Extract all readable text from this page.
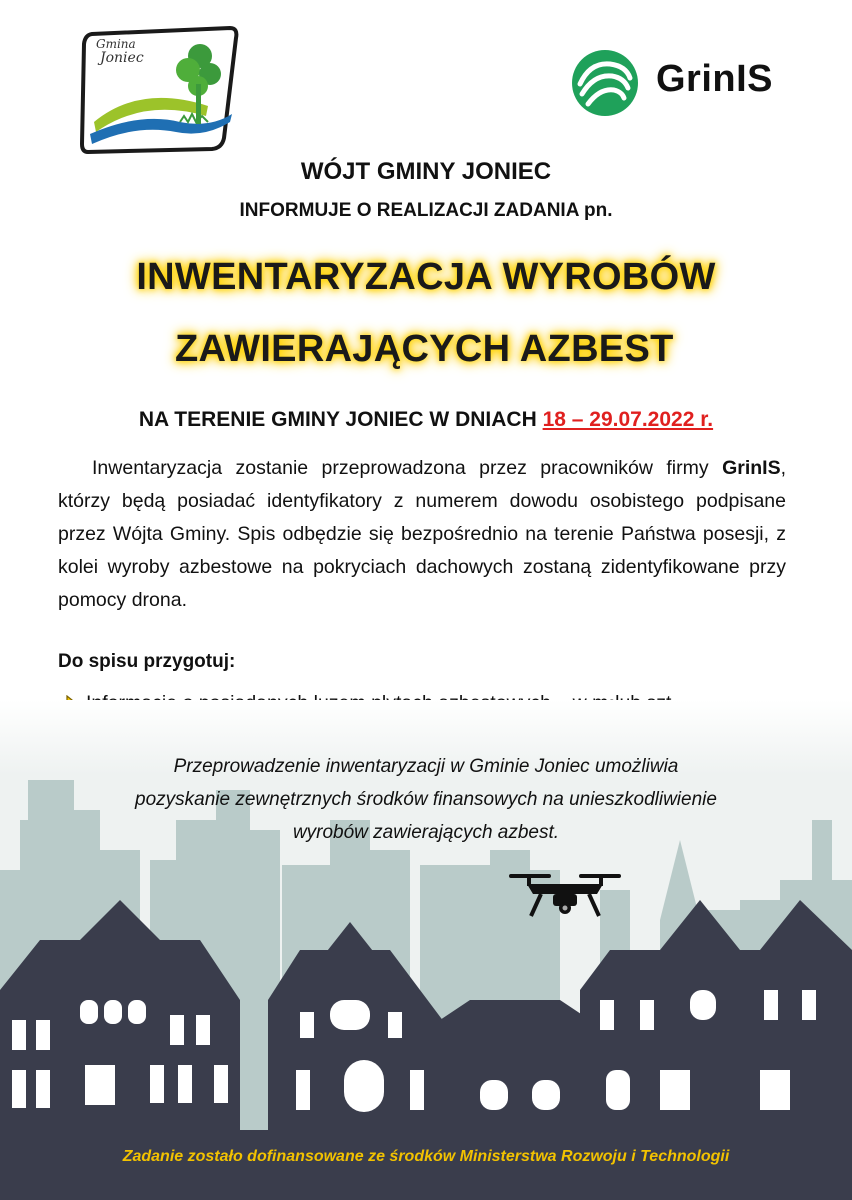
Gmina
Joniec	GrinIS
WÓJT GMINY JONIEC
INFORMUJE O REALIZACJI ZADANIA pn.
INWENTARYZACJA WYROBÓW
ZAWIERAJĄCYCH AZBEST
NA TERENIE GMINY JONIEC W DNIACH 18 – 29.07.2022 r.
Inwentaryzacja zostanie przeprowadzona przez pracowników firmy GrinIS, którzy będą posiadać identyfikatory z numerem dowodu osobistego podpisane przez Wójta Gminy. Spis odbędzie się bezpośrednio na terenie Państwa posesji, z kolei wyroby azbestowe na pokryciach dachowych zostaną zidentyfikowane przy pomocy drona.
Do spisu przygotuj:
Przeprowadzenie inwentaryzacji w Gminie Joniec umożliwia
pozyskanie zewnętrznych środków finansowych na unieszkodliwienie
wyrobów zawierających azbest.
Zadanie zostało dofinansowane ze środków Ministerstwa Rozwoju i Technologii
